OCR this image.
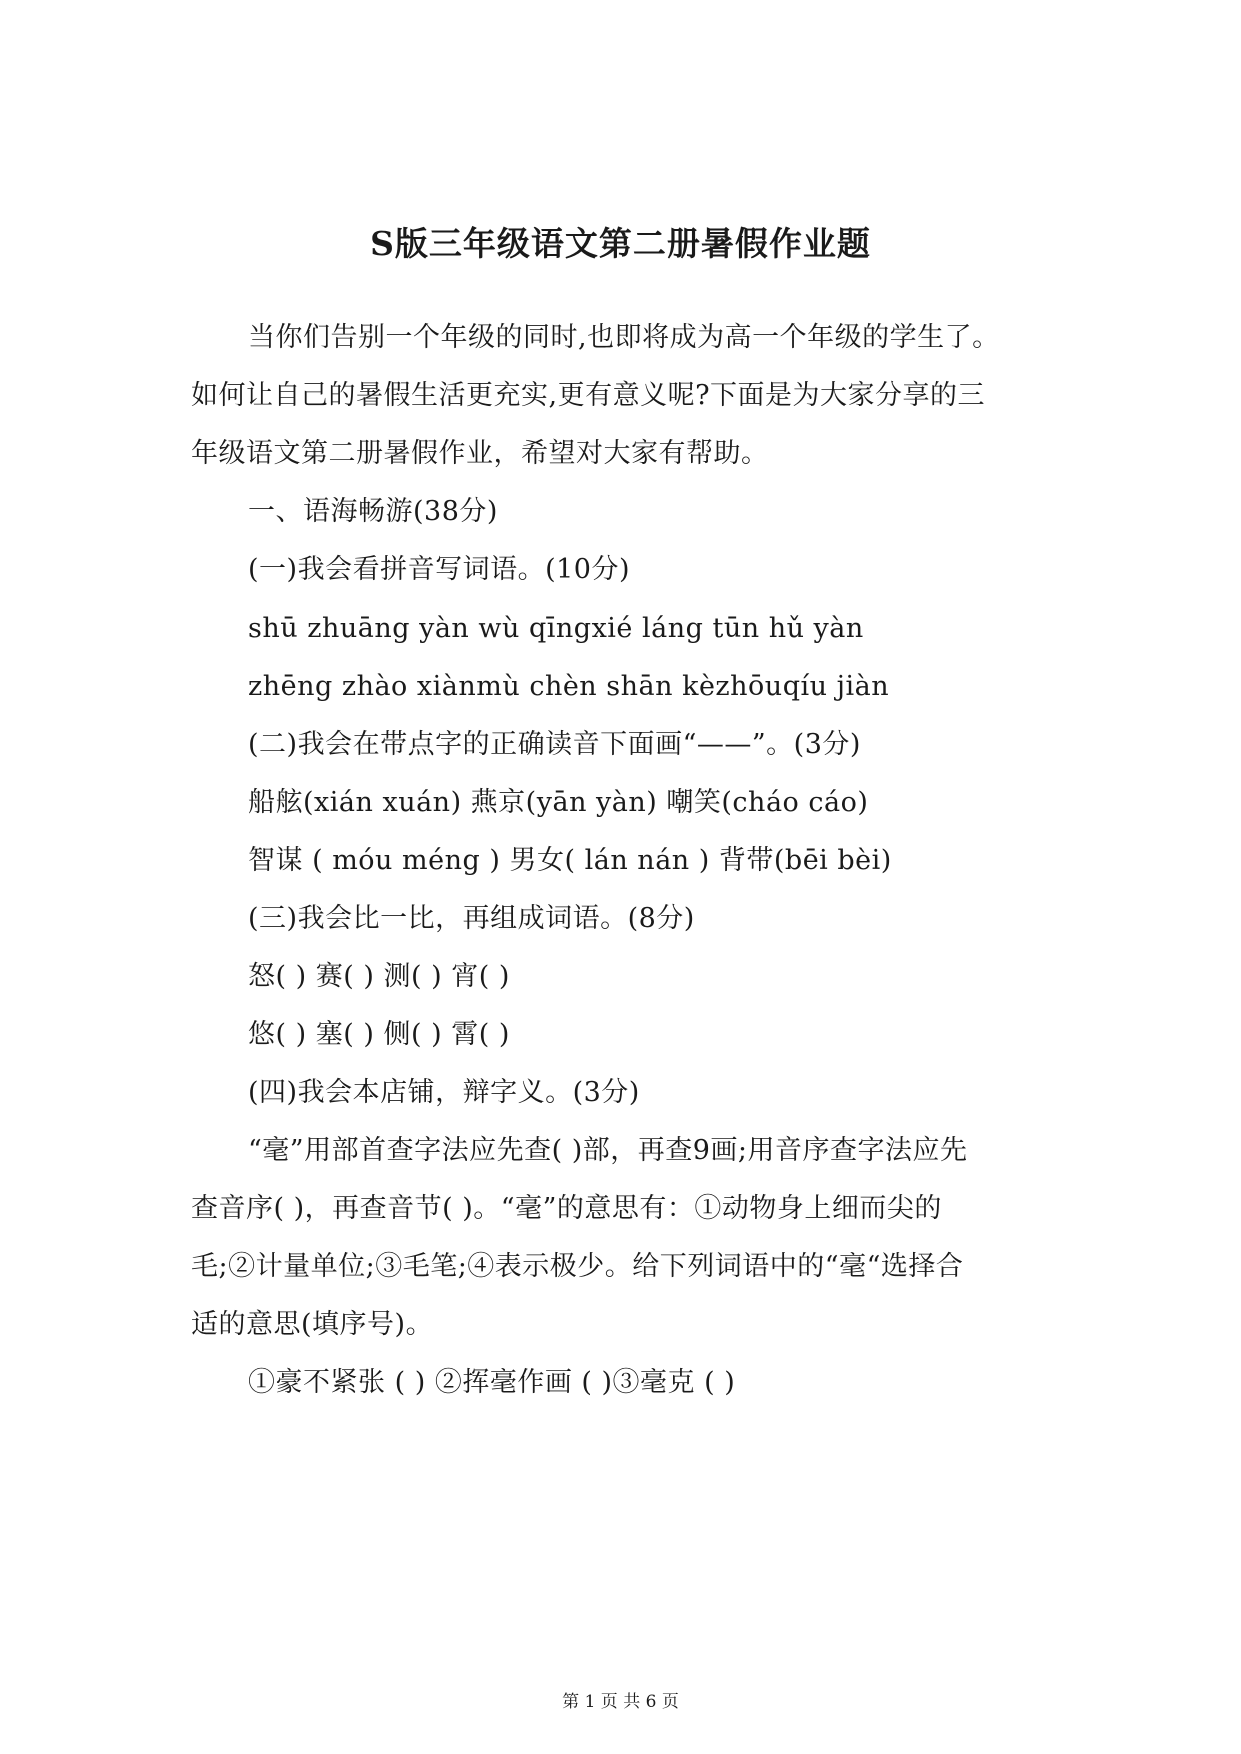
S版三年级语文第二册暑假作业题
当你们告别一个年级的同时,也即将成为高一个年级的学生了。
如何让自己的暑假生活更充实,更有意义呢?下面是为大家分享的三
年级语文第二册暑假作业，希望对大家有帮助。
一、语海畅游(38分)
(一)我会看拼音写词语。(10分)
shū zhuāng yàn wù qīngxié láng tūn hǔ yàn
zhēng zhào xiànmù chèn shān kèzhōuqíu jiàn
(二)我会在带点字的正确读音下面画“——”。(3分)
船舷(xián xuán) 燕京(yān yàn) 嘲笑(cháo cáo)
智谋 ( móu méng ) 男女( lán nán ) 背带(bēi bèi)
(三)我会比一比，再组成词语。(8分)
怒( ) 赛( ) 测( ) 宵( )
悠( ) 塞( ) 侧( ) 霄( )
(四)我会本店铺，辩字义。(3分)
“毫”用部首查字法应先查( )部，再查9画;用音序查字法应先
查音序( )，再查音节( )。“毫”的意思有：①动物身上细而尖的
毛;②计量单位;③毛笔;④表示极少。给下列词语中的“毫“选择合
适的意思(填序号)。
①豪不紧张 ( ) ②挥毫作画 ( )③毫克 ( )
第 1 页 共 6 页
